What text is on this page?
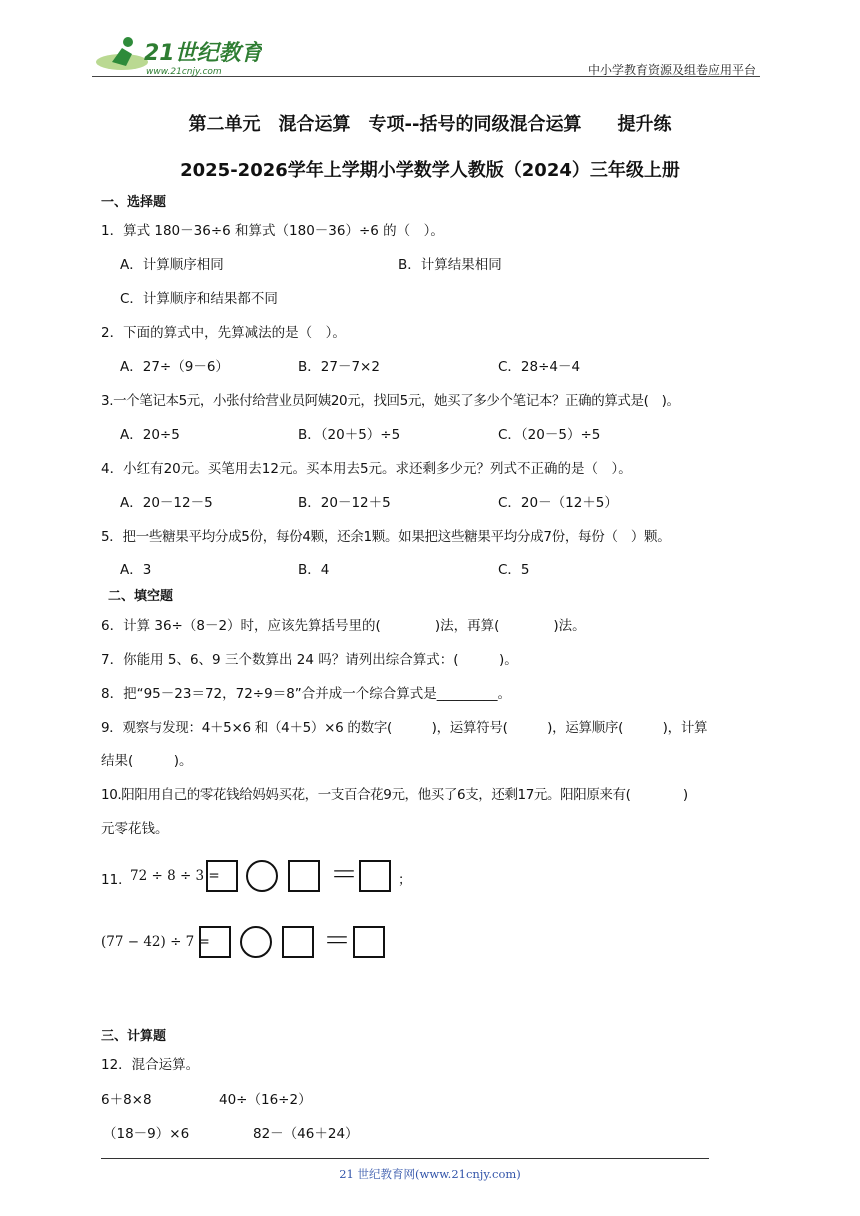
21世纪教育
www.21cnjy.com	中小学教育资源及组卷应用平台
第二单元　混合运算　专项--括号的同级混合运算　　提升练
2025-2026学年上学期小学数学人教版（2024）三年级上册
一、选择题
1．算式 180－36÷6 和算式（180－36）÷6 的（　）。
A．计算顺序相同	B．计算结果相同
C．计算顺序和结果都不同
2．下面的算式中，先算减法的是（　）。
A．27÷（9－6）	B．27－7×2	C．28÷4－4
3.一个笔记本5元，小张付给营业员阿姨20元，找回5元，她买了多少个笔记本？正确的算式是(　)。
A．20÷5	B．（20＋5）÷5	C．（20－5）÷5
4．小红有20元。买笔用去12元。买本用去5元。求还剩多少元？列式不正确的是（　）。
A．20－12－5	B．20－12＋5	C．20－（12＋5）
5．把一些糖果平均分成5份，每份4颗，还余1颗。如果把这些糖果平均分成7份，每份（　）颗。
A．3	B．4	C．5
二、填空题
6．计算 36÷（8－2）时，应该先算括号里的(　　　　)法，再算(　　　　)法。
7．你能用 5、6、9 三个数算出 24 吗？请列出综合算式：(　　　)。
8．把“95－23＝72，72÷9＝8”合并成一个综合算式是_________。
9．观察与发现：4＋5×6 和（4＋5）×6 的数字(　　　)，运算符号(　　　)，运算顺序(　　　)，计算
结果(　　　)。
10.阳阳用自己的零花钱给妈妈买花，一支百合花9元，他买了6支，还剩17元。阳阳原来有(　　　　)
元零花钱。
11．
72 ÷ 8 ÷ 3 =	＝	；
(77 − 42) ÷ 7 =	＝
三、计算题
12．混合运算。
6＋8×8	40÷（16÷2）
（18－9）×6	82－（46＋24）
21 世纪教育网(www.21cnjy.com)
